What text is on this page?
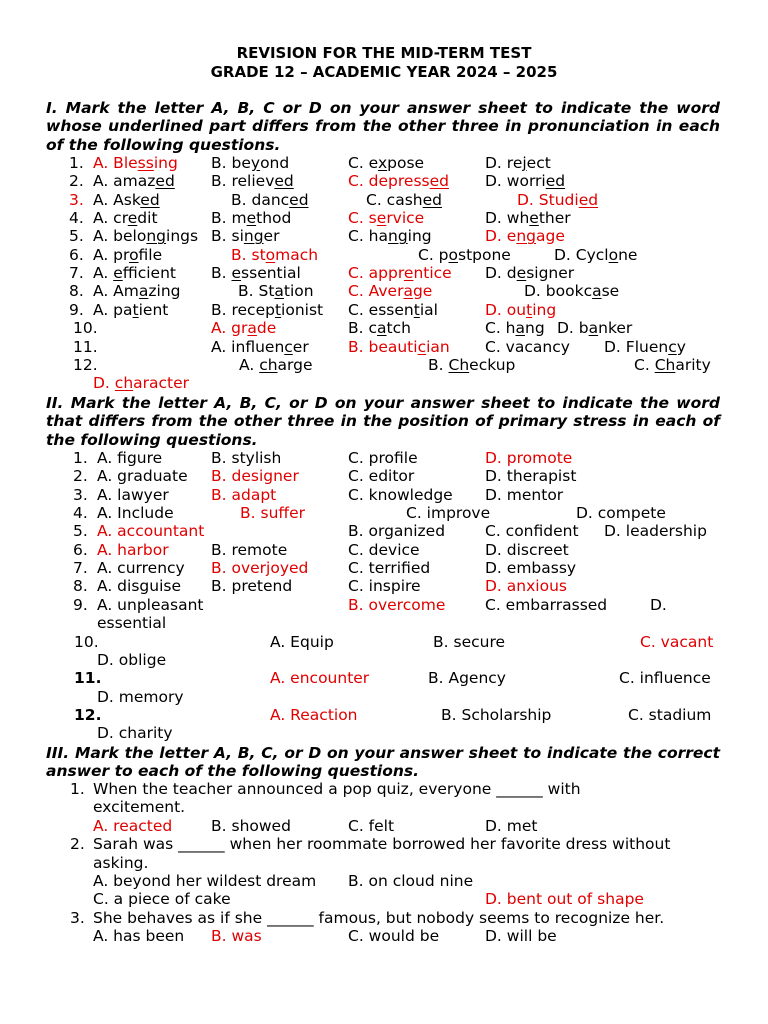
REVISION FOR THE MID-TERM TEST
GRADE 12 – ACADEMIC YEAR 2024 – 2025
I. Mark the letter A, B, C or D on your answer sheet to indicate the word whose underlined part differs from the other three in pronunciation in each of the following questions.
1. A. Blessing B. beyond	C. expose	D. reject
2. A. amazed B. relieved	C. depressed D. worried
3. A. Asked	B. danced	C. cashed	D. Studied
4. A. credit	B. method	C. service	D. whether
5. A. belongings B. singer	C. hanging	D. engage
6. A. profile	B. stomach	C. postpone	D. Cyclone
7. A. efficient B. essential	C. apprentice D. designer
8. A. Amazing	B. Station C. Average	D. bookcase
9. A. patient	B. receptionist C. essential	D. outing
10.	A. grade	B. catch	C. hang D. banker
11.	A. influencer	B. beautician C. vacancy D. Fluency
12.	A. charge	B. Checkup	C. Charity
D. character
II. Mark the letter A, B, C, or D on your answer sheet to indicate the word that differs from the other three in the position of primary stress in each of the following questions.
1. A. figure	B. stylish	C. profile	D. promote
2. A. graduate B. designer	C. editor	D. therapist
3. A. lawyer	B. adapt	C. knowledge D. mentor
4. A. Include	B. suffer	C. improve	D. compete
5. A. accountant	B. organized	C. confident D. leadership
6. A. harbor	B. remote	C. device	D. discreet
7. A. currency B. overjoyed	C. terrified	D. embassy
8. A. disguise B. pretend	C. inspire	D. anxious
9. A. unpleasant	B. overcome	C. embarrassed	D.
essential
10.	A. Equip	B. secure	C. vacant
D. oblige
11.	A. encounter	B. Agency	C. influence
D. memory
12.	A. Reaction	B. Scholarship	C. stadium
D. charity
III. Mark the letter A, B, C, or D on your answer sheet to indicate the correct answer to each of the following questions.
1. When the teacher announced a pop quiz, everyone ______ with
excitement.
A. reacted	B. showed	C. felt	D. met
2. Sarah was ______ when her roommate borrowed her favorite dress without
asking.
A. beyond her wildest dream B. on cloud nine
C. a piece of cake	D. bent out of shape
3. She behaves as if she ______ famous, but nobody seems to recognize her.
A. has been B. was	C. would be	D. will be
